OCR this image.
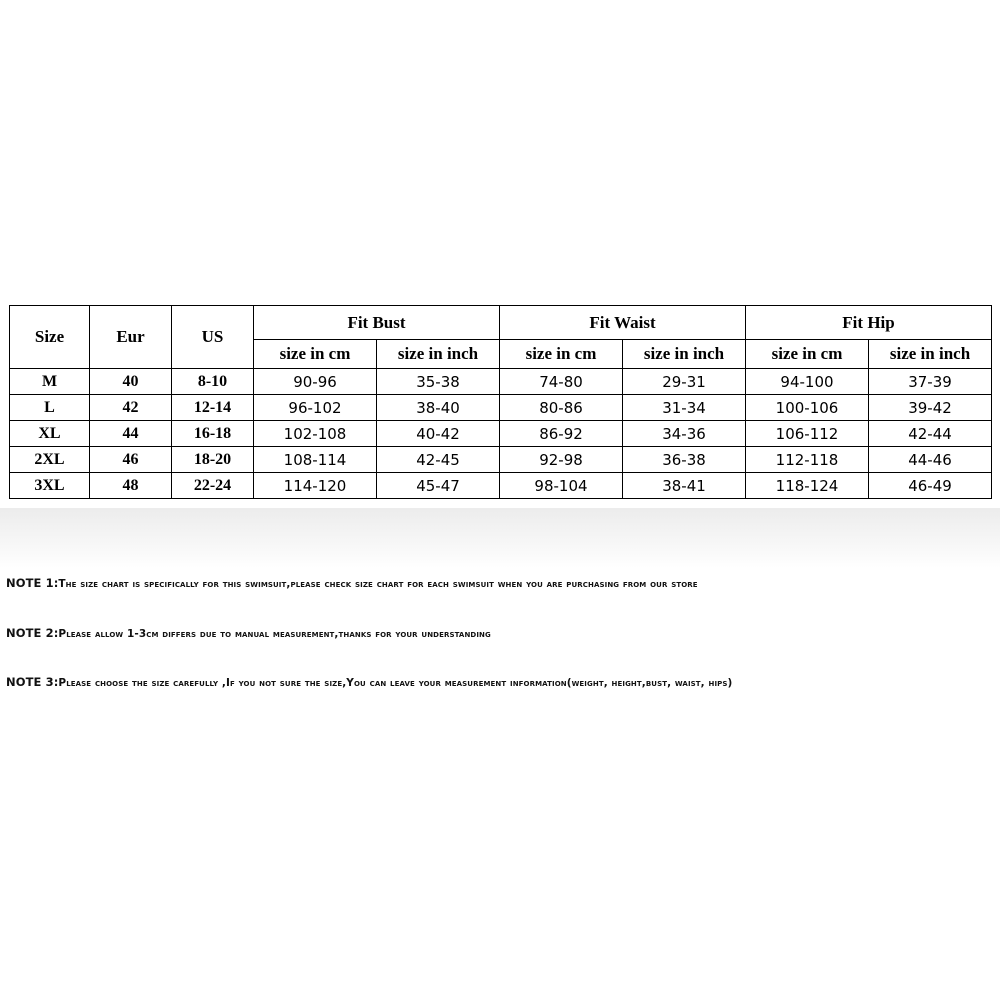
Size	Eur	US	Fit Bust		Fit Waist		Fit Hip	
			size in cm	size in inch	size in cm	size in inch	size in cm	size in inch
M	40	8-10	90-96	35-38	74-80	29-31	94-100	37-39
L	42	12-14	96-102	38-40	80-86	31-34	100-106	39-42
XL	44	16-18	102-108	40-42	86-92	34-36	106-112	42-44
2XL	46	18-20	108-114	42-45	92-98	36-38	112-118	44-46
3XL	48	22-24	114-120	45-47	98-104	38-41	118-124	46-49
NOTE 1:The size chart is specifically for this swimsuit,please check size chart for each swimsuit when you are purchasing from our store
NOTE 2:Please allow 1-3cm differs due to manual measurement,thanks for your understanding
NOTE 3:Please choose the size carefully ,If you not sure the size,You can leave your measurement information(weight, height,bust, waist, hips)
